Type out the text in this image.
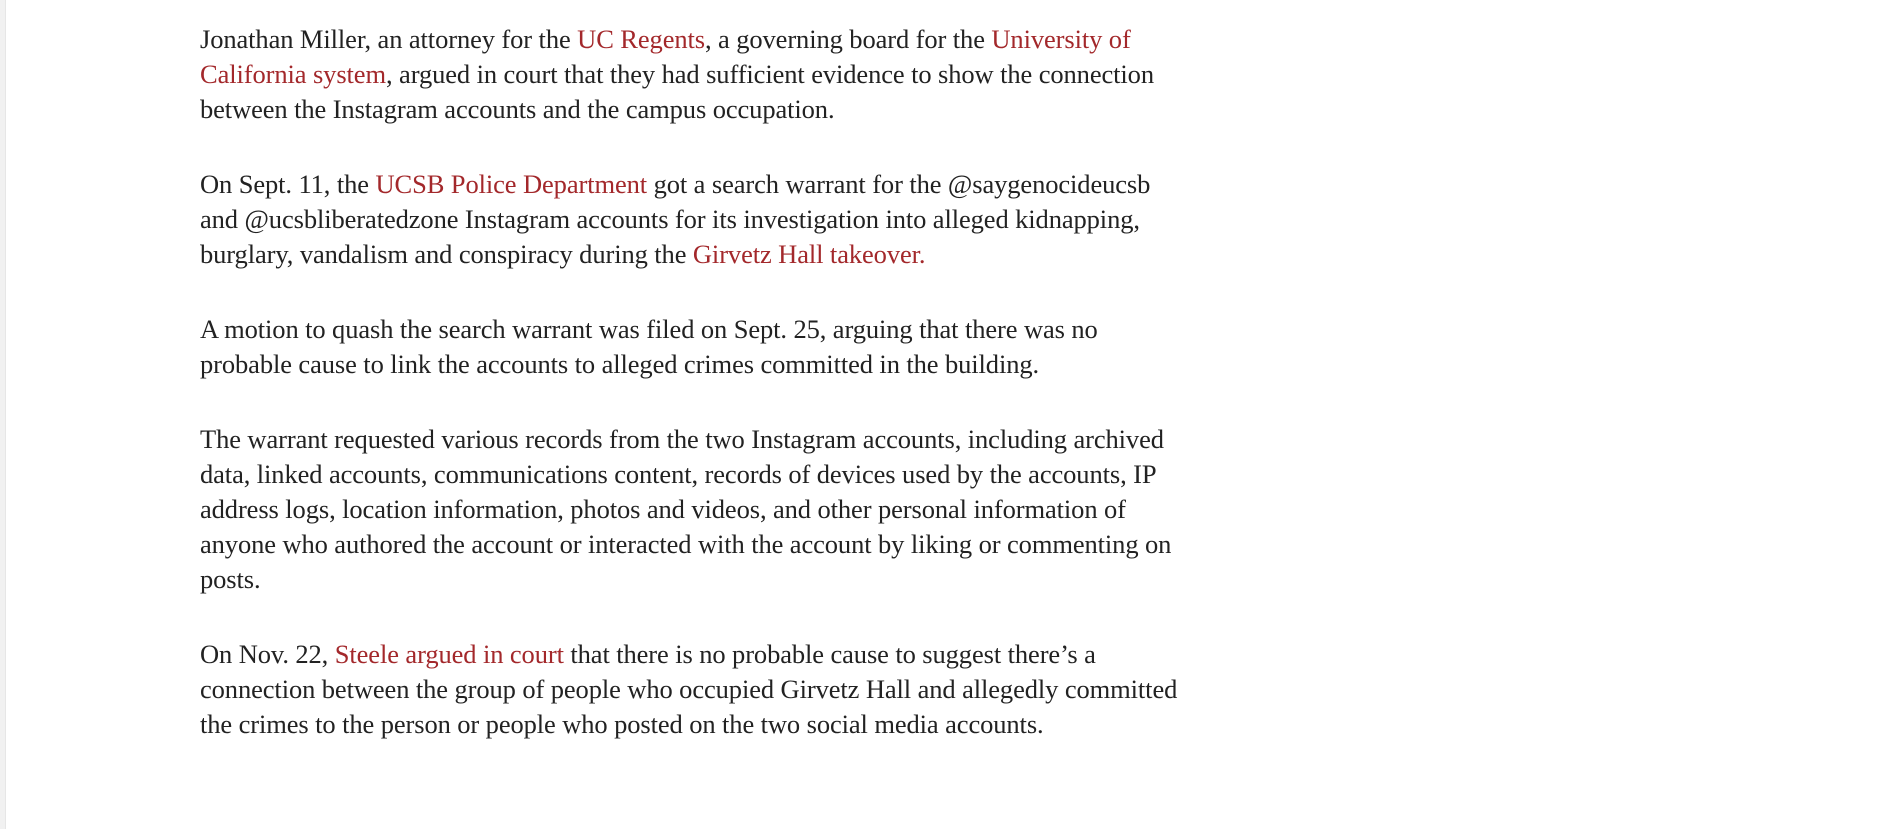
Jonathan Miller, an attorney for the UC Regents, a governing board for the University of California system, argued in court that they had sufficient evidence to show the connection between the Instagram accounts and the campus occupation.

On Sept. 11, the UCSB Police Department got a search warrant for the @saygenocideucsb and @ucsbliberatedzone Instagram accounts for its investigation into alleged kidnapping, burglary, vandalism and conspiracy during the Girvetz Hall takeover.

A motion to quash the search warrant was filed on Sept. 25, arguing that there was no probable cause to link the accounts to alleged crimes committed in the building.

The warrant requested various records from the two Instagram accounts, including archived data, linked accounts, communications content, records of devices used by the accounts, IP address logs, location information, photos and videos, and other personal information of anyone who authored the account or interacted with the account by liking or commenting on posts.

On Nov. 22, Steele argued in court that there is no probable cause to suggest there’s a connection between the group of people who occupied Girvetz Hall and allegedly committed the crimes to the person or people who posted on the two social media accounts.
